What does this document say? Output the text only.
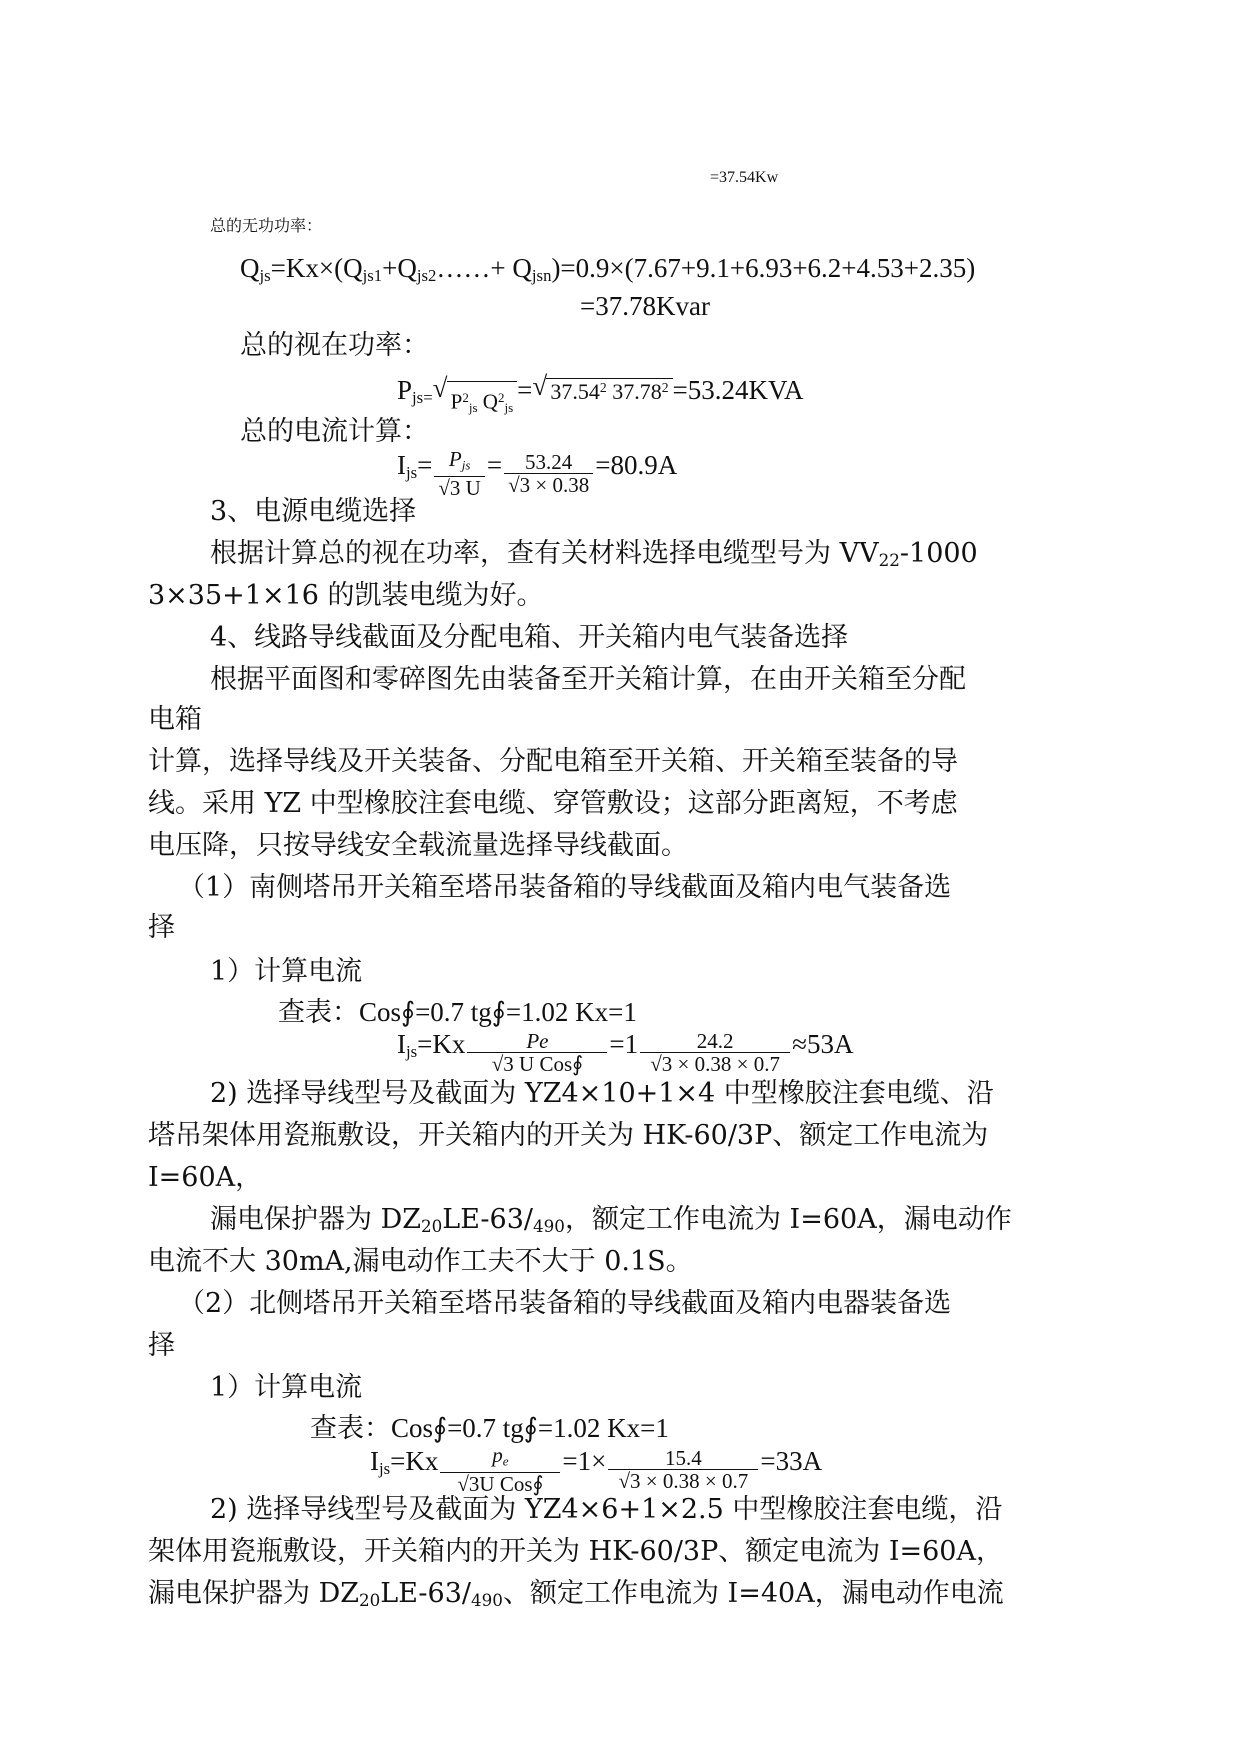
=37.54Kw
总的无功功率：
$Q_{js}=Kx\times(Q_{js1}+Q_{js2}\dots\dots+ Q_{jsn})=0.9\times(7.67+9.1+6.93+6.2+4.53+2.35)$
=37.78Kvar
总的视在功率：
$P_{js=}√$ $P^2_{js}$ $Q^2_{js}=√$ 37.54$^2$ $37.78^2 =53.24KVA$
总的电流计算：
$I_{js}= \frac{P_{js}}{√3 U} = \frac{53.24}{√3 \times 0.38} =80.9A$
3、电源电缆选择
根据计算总的视在功率，查有关材料选择电缆型号为 $VV_{22}-1000$
3×35+1×16 的凯装电缆为好。
4、线路导线截面及分配电箱、开关箱内电气装备选择
根据平面图和零碎图先由装备至开关箱计算，在由开关箱至分配
电箱
计算，选择导线及开关装备、分配电箱至开关箱、开关箱至装备的导
线。采用 YZ 中型橡胶注套电缆、穿管敷设；这部分距离短，不考虑
电压降，只按导线安全载流量选择导线截面。
（1）南侧塔吊开关箱至塔吊装备箱的导线截面及箱内电气装备选
择
1）计算电流
查表：Cos∮=0.7 tg∮=1.02 Kx=1
$I_{js}=Kx \frac{Pe}{\text{√3 U Cos∮}} =1 \frac{24.2}{√3 \times 0.38 \times 0.7} \approx 53A$
2) 选择导线型号及截面为 YZ4×10+1×4 中型橡胶注套电缆、沿
塔吊架体用瓷瓶敷设，开关箱内的开关为 HK-60/3P、额定工作电流为
I=60A，
漏电保护器为 $DZ_{20}LE-63/_{490}$，额定工作电流为 I=60A，漏电动作
电流不大 30mA,漏电动作工夫不大于 0.1S。
（2）北侧塔吊开关箱至塔吊装备箱的导线截面及箱内电器装备选
择
1）计算电流
查表：Cos∮=0.7 tg∮=1.02 Kx=1
$I_{js}=Kx \frac{p_e}{\text{√3U Cos∮}} =1\times \frac{15.4}{√3 \times 0.38 \times 0.7} =33A$
2) 选择导线型号及截面为 YZ4×6+1×2.5 中型橡胶注套电缆，沿
架体用瓷瓶敷设，开关箱内的开关为 HK-60/3P、额定电流为 I=60A，
漏电保护器为 $DZ_{20}LE-63/_{490}$、额定工作电流为 I=40A，漏电动作电流
